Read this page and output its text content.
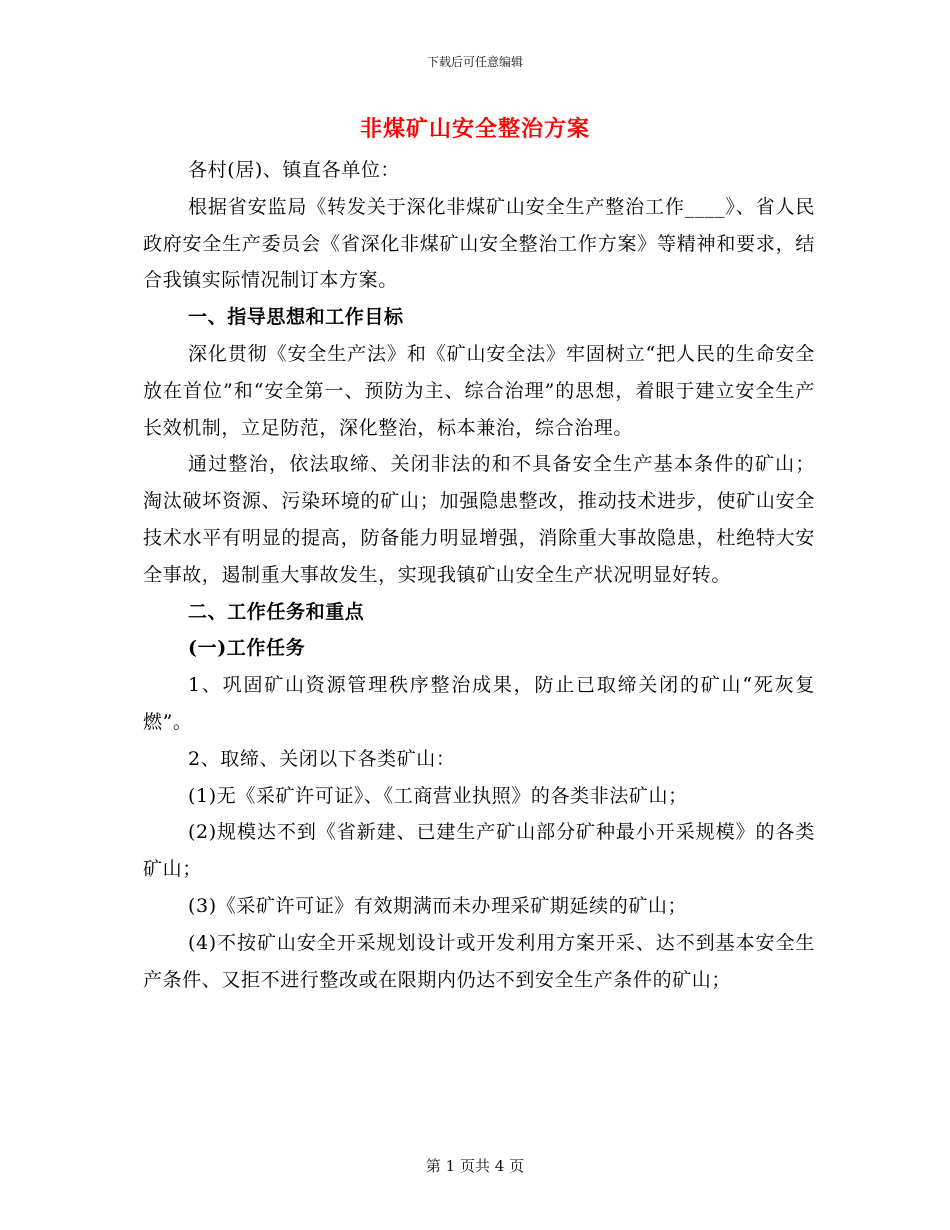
下载后可任意编辑
非煤矿山安全整治方案

各村(居)、镇直各单位：

根据省安监局《转发关于深化非煤矿山安全生产整治工作____》、省人民政府安全生产委员会《省深化非煤矿山安全整治工作方案》等精神和要求，结合我镇实际情况制订本方案。

一、指导思想和工作目标

深化贯彻《安全生产法》和《矿山安全法》牢固树立“把人民的生命安全放在首位”和“安全第一、预防为主、综合治理”的思想，着眼于建立安全生产长效机制，立足防范，深化整治，标本兼治，综合治理。

通过整治，依法取缔、关闭非法的和不具备安全生产基本条件的矿山；淘汰破坏资源、污染环境的矿山；加强隐患整改，推动技术进步，使矿山安全技术水平有明显的提高，防备能力明显增强，消除重大事故隐患，杜绝特大安全事故，遏制重大事故发生，实现我镇矿山安全生产状况明显好转。

二、工作任务和重点

(一)工作任务

1、巩固矿山资源管理秩序整治成果，防止已取缔关闭的矿山“死灰复燃”。

2、取缔、关闭以下各类矿山：

(1)无《采矿许可证》、《工商营业执照》的各类非法矿山；

(2)规模达不到《省新建、已建生产矿山部分矿种最小开采规模》的各类矿山；

(3)《采矿许可证》有效期满而未办理采矿期延续的矿山；

(4)不按矿山安全开采规划设计或开发利用方案开采、达不到基本安全生产条件、又拒不进行整改或在限期内仍达不到安全生产条件的矿山；

第 1 页共 4 页
